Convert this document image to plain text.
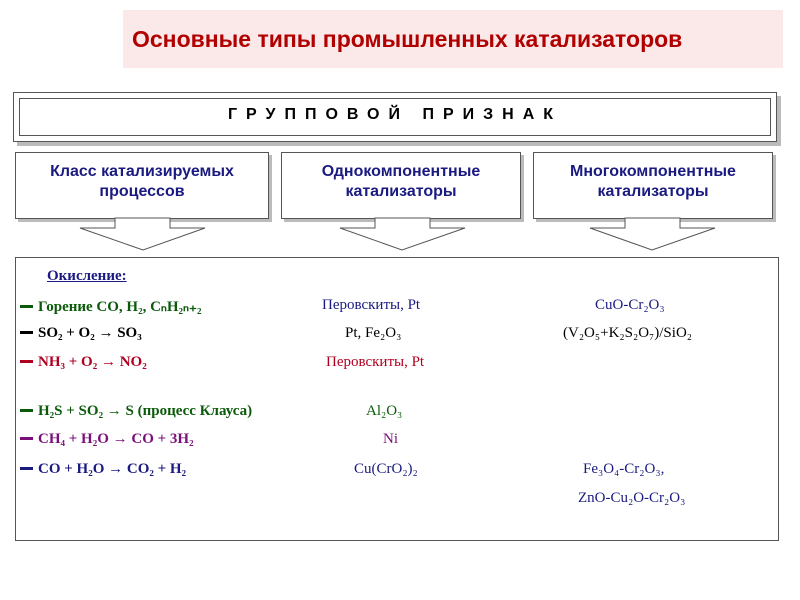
Основные типы промышленных катализаторов
ГРУППОВОЙ ПРИЗНАК
Класс катализируемых
процессов
Однокомпонентные
катализаторы
Многокомпонентные
катализаторы
Окисление:
Горение CO, H₂, CₙH₂ₙ₊₂	Перовскиты, Pt	CuO-Cr₂O₃
SO₂ + O₂ → SO₃	Pt, Fe₂O₃	(V₂O₅+K₂S₂O₇)/SiO₂
NH₃ + O₂ → NO₂	Перовскиты, Pt
H₂S + SO₂ → S (процесс Клауса)	Al₂O₃
CH₄ + H₂O → CO + 3H₂	Ni
CO + H₂O → CO₂ + H₂	Cu(CrO₂)₂	Fe₃O₄-Cr₂O₃,
ZnO-Cu₂O-Cr₂O₃
